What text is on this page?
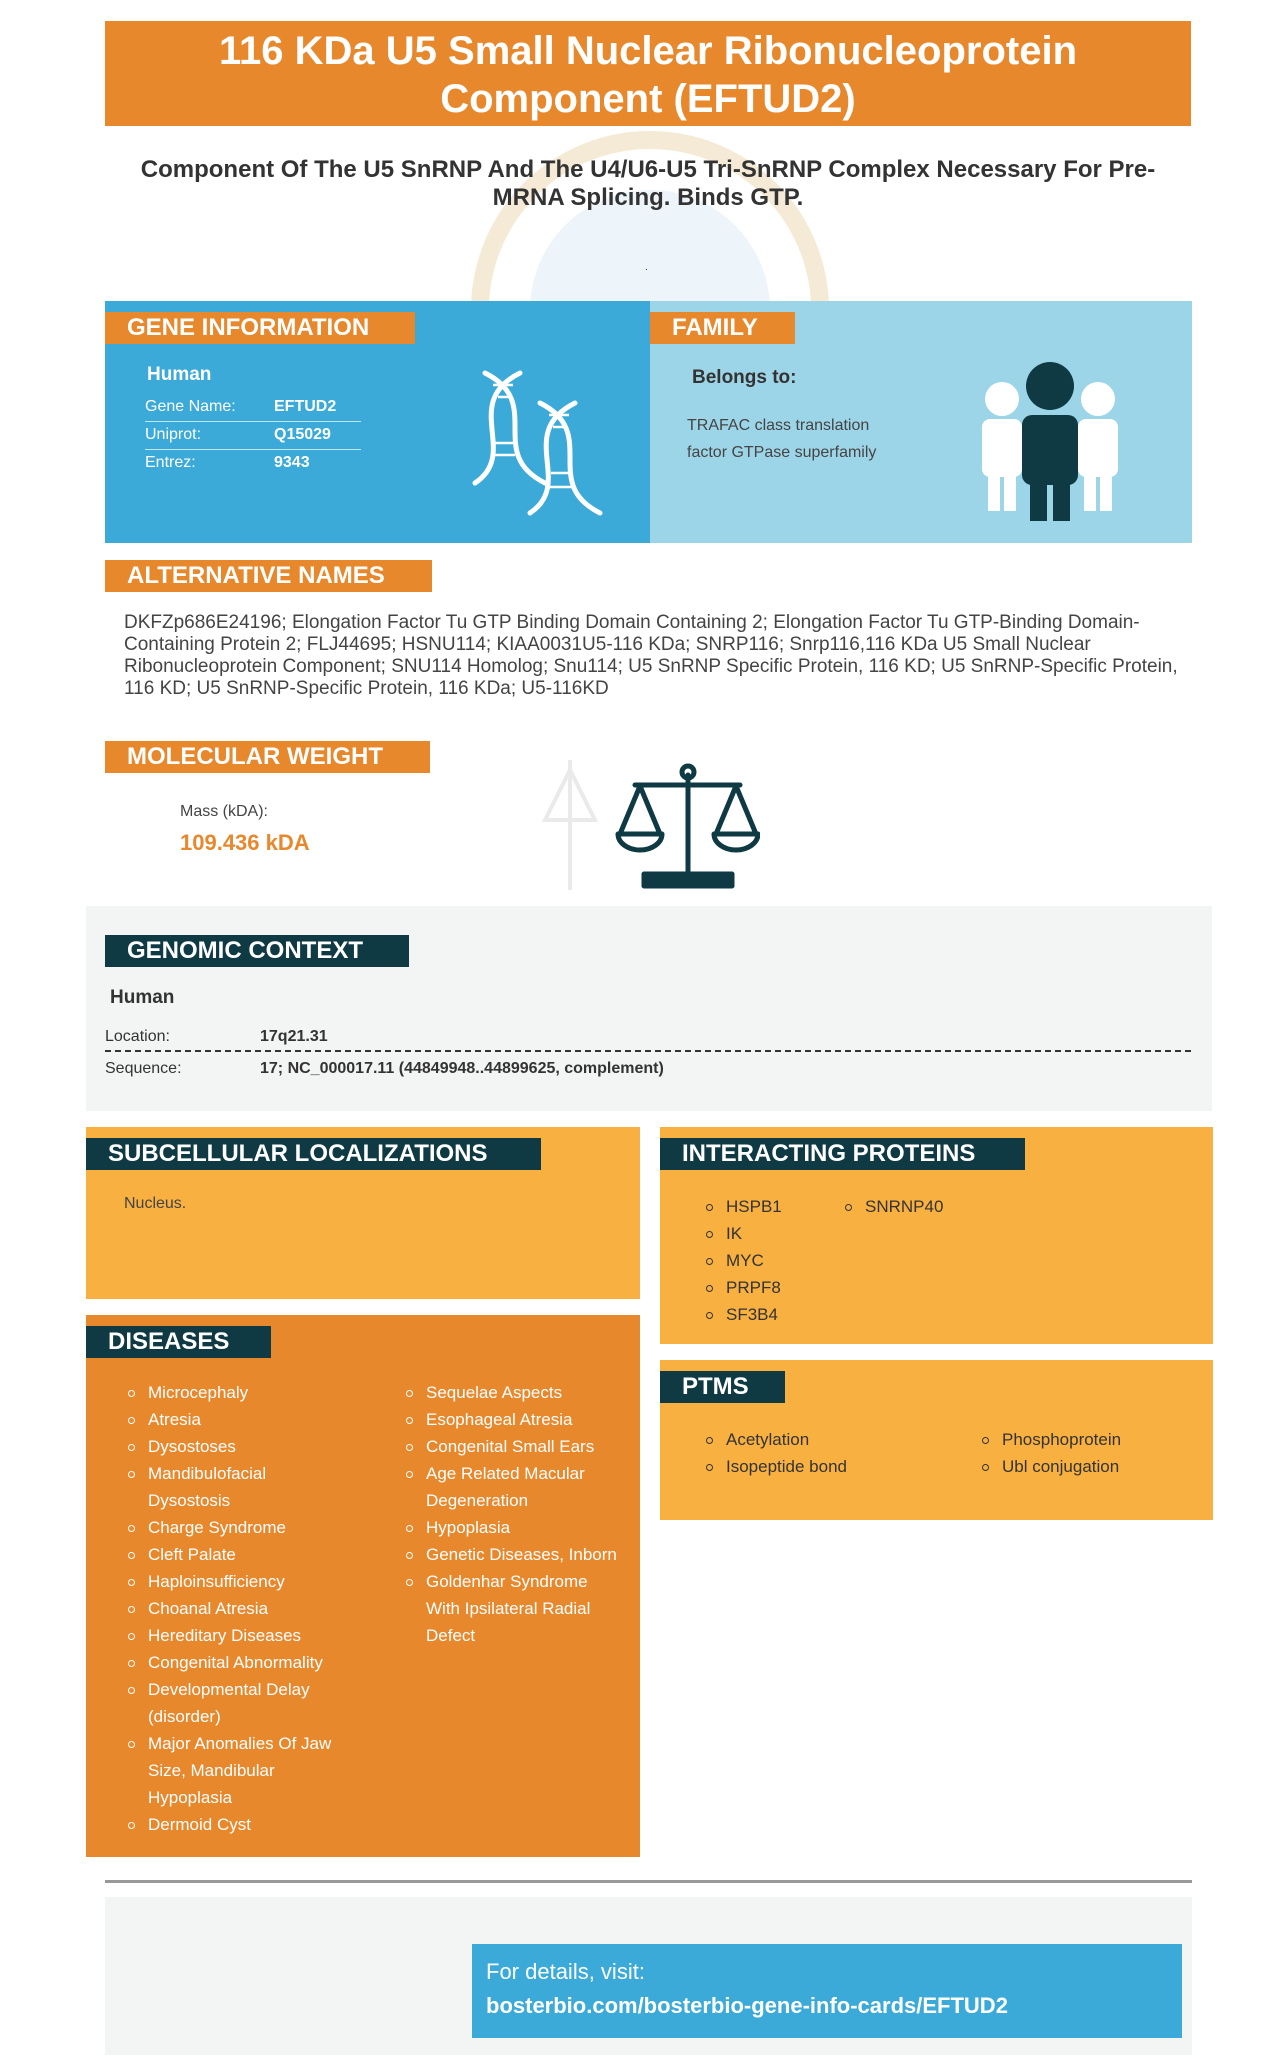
116 KDa U5 Small Nuclear Ribonucleoprotein Component (EFTUD2)
Component Of The U5 SnRNP And The U4/U6-U5 Tri-SnRNP Complex Necessary For Pre-MRNA Splicing. Binds GTP.
.
GENE INFORMATION
Human
Gene Name: EFTUD2
Uniprot:	Q15029
Entrez:	9343
FAMILY
Belongs to:
TRAFAC class translation
factor GTPase superfamily
ALTERNATIVE NAMES
DKFZp686E24196; Elongation Factor Tu GTP Binding Domain Containing 2; Elongation Factor Tu GTP-Binding Domain-Containing Protein 2; FLJ44695; HSNU114; KIAA0031U5-116 KDa; SNRP116; Snrp116,116 KDa U5 Small Nuclear Ribonucleoprotein Component; SNU114 Homolog; Snu114; U5 SnRNP Specific Protein, 116 KD; U5 SnRNP-Specific Protein, 116 KD; U5 SnRNP-Specific Protein, 116 KDa; U5-116KD
MOLECULAR WEIGHT
Mass (kDA):
109.436 kDA
GENOMIC CONTEXT
Human
Location:	17q21.31
Sequence:	17; NC_000017.11 (44849948..44899625, complement)
SUBCELLULAR LOCALIZATIONS
Nucleus.
INTERACTING PROTEINS
HSPB1
IK
MYC
PRPF8
SF3B4
SNRNP40
PTMS
Acetylation
Isopeptide bond
Phosphoprotein
Ubl conjugation
DISEASES
Microcephaly
Atresia
Dysostoses
Mandibulofacial Dysostosis
Charge Syndrome
Cleft Palate
Haploinsufficiency
Choanal Atresia
Hereditary Diseases
Congenital Abnormality
Developmental Delay (disorder)
Major Anomalies Of Jaw Size, Mandibular Hypoplasia
Dermoid Cyst
Sequelae Aspects
Esophageal Atresia
Congenital Small Ears
Age Related Macular Degeneration
Hypoplasia
Genetic Diseases, Inborn
Goldenhar Syndrome With Ipsilateral Radial Defect
For details, visit:
bosterbio.com/bosterbio-gene-info-cards/EFTUD2
